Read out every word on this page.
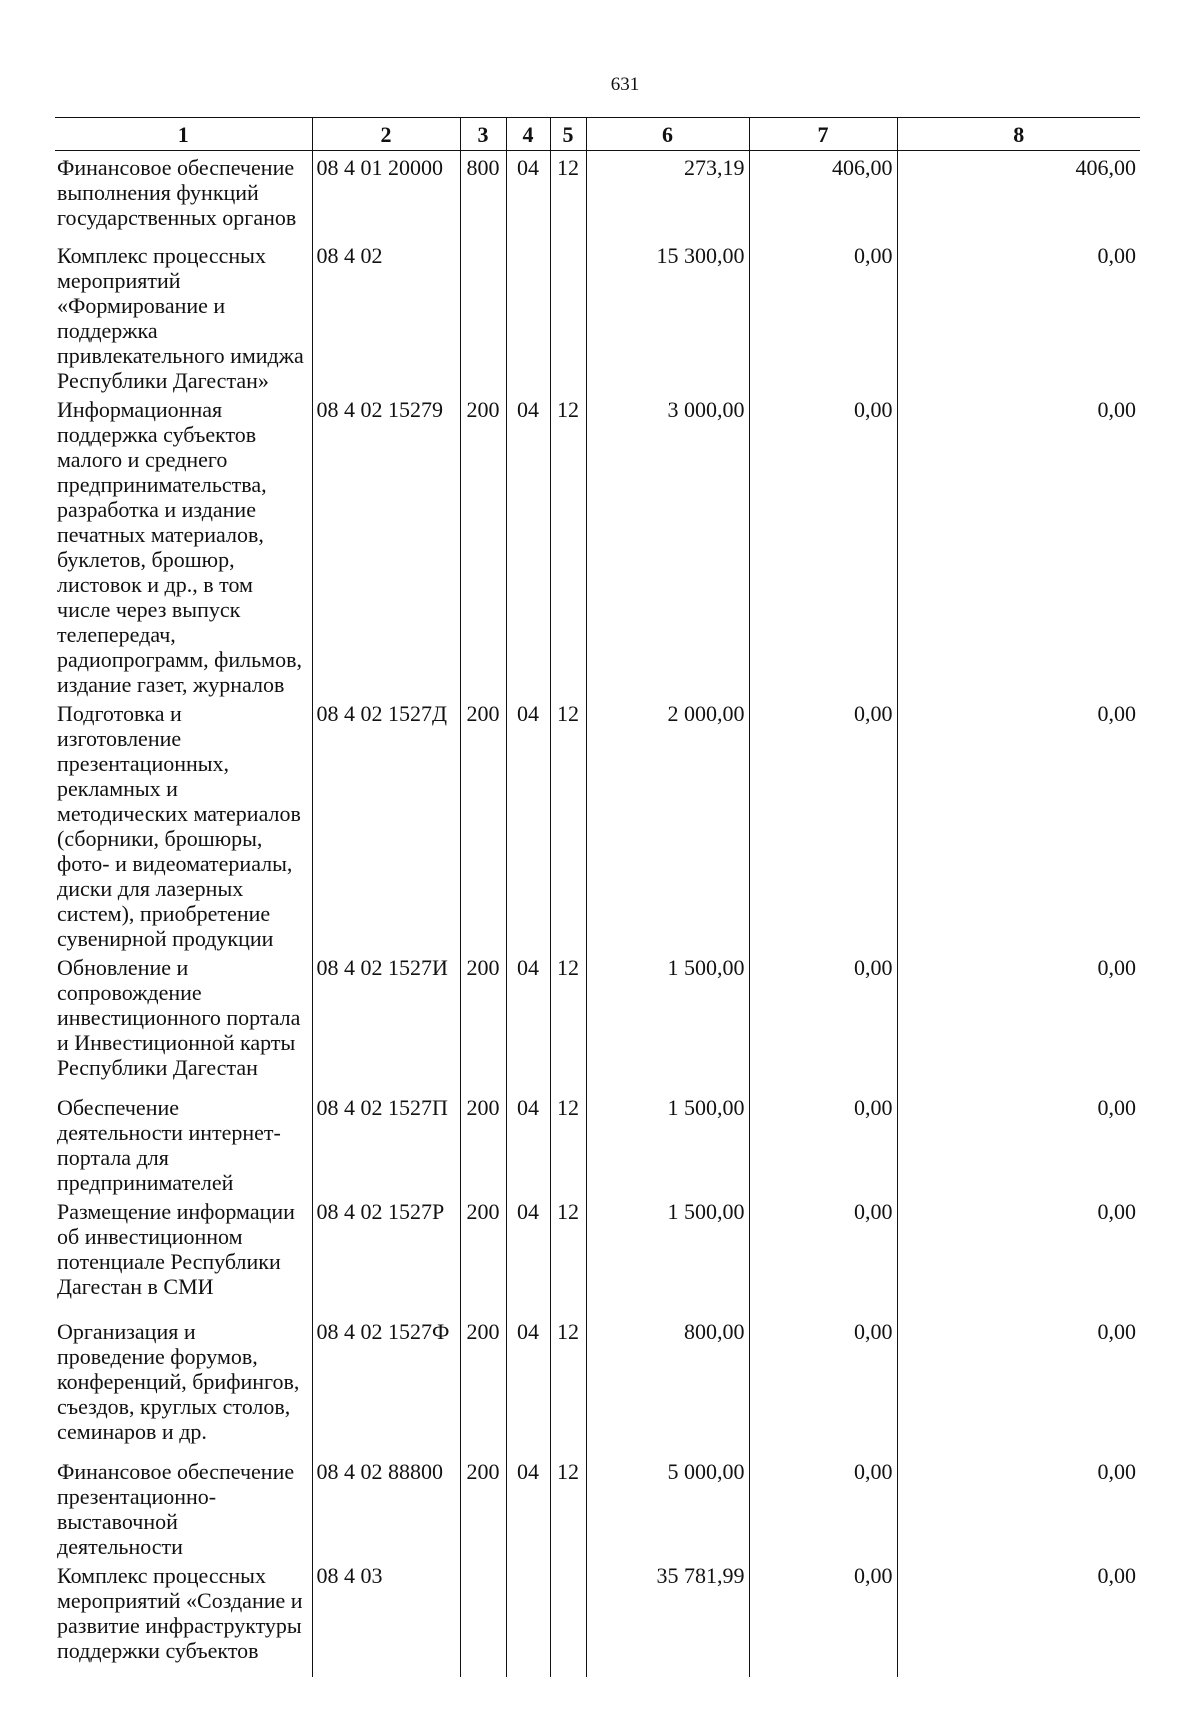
631
1	2	3	4	5	6	7	8
Финансовое обеспечение выполнения функций государственных органов	08 4 01 20000	800	04	12	273,19	406,00	406,00
Комплекс процессных мероприятий «Формирование и поддержка привлекательного имиджа Республики Дагестан»	08 4 02				15 300,00	0,00	0,00
Информационная поддержка субъектов малого и среднего предпринимательства, разработка и издание печатных материалов, буклетов, брошюр, листовок и др., в том числе через выпуск телепередач, радиопрограмм, фильмов, издание газет, журналов	08 4 02 15279	200	04	12	3 000,00	0,00	0,00
Подготовка и изготовление презентационных, рекламных и методических материалов (сборники, брошюры, фото- и видеоматериалы, диски для лазерных систем), приобретение сувенирной продукции	08 4 02 1527Д	200	04	12	2 000,00	0,00	0,00
Обновление и сопровождение инвестиционного портала и Инвестиционной карты Республики Дагестан	08 4 02 1527И	200	04	12	1 500,00	0,00	0,00
Обеспечение деятельности интернет-портала для предпринимателей	08 4 02 1527П	200	04	12	1 500,00	0,00	0,00
Размещение информации об инвестиционном потенциале Республики Дагестан в СМИ	08 4 02 1527Р	200	04	12	1 500,00	0,00	0,00
Организация и проведение форумов, конференций, брифингов, съездов, круглых столов, семинаров и др.	08 4 02 1527Ф	200	04	12	800,00	0,00	0,00
Финансовое обеспечение презентационно-выставочной деятельности	08 4 02 88800	200	04	12	5 000,00	0,00	0,00
Комплекс процессных мероприятий «Создание и развитие инфраструктуры поддержки субъектов	08 4 03				35 781,99	0,00	0,00
